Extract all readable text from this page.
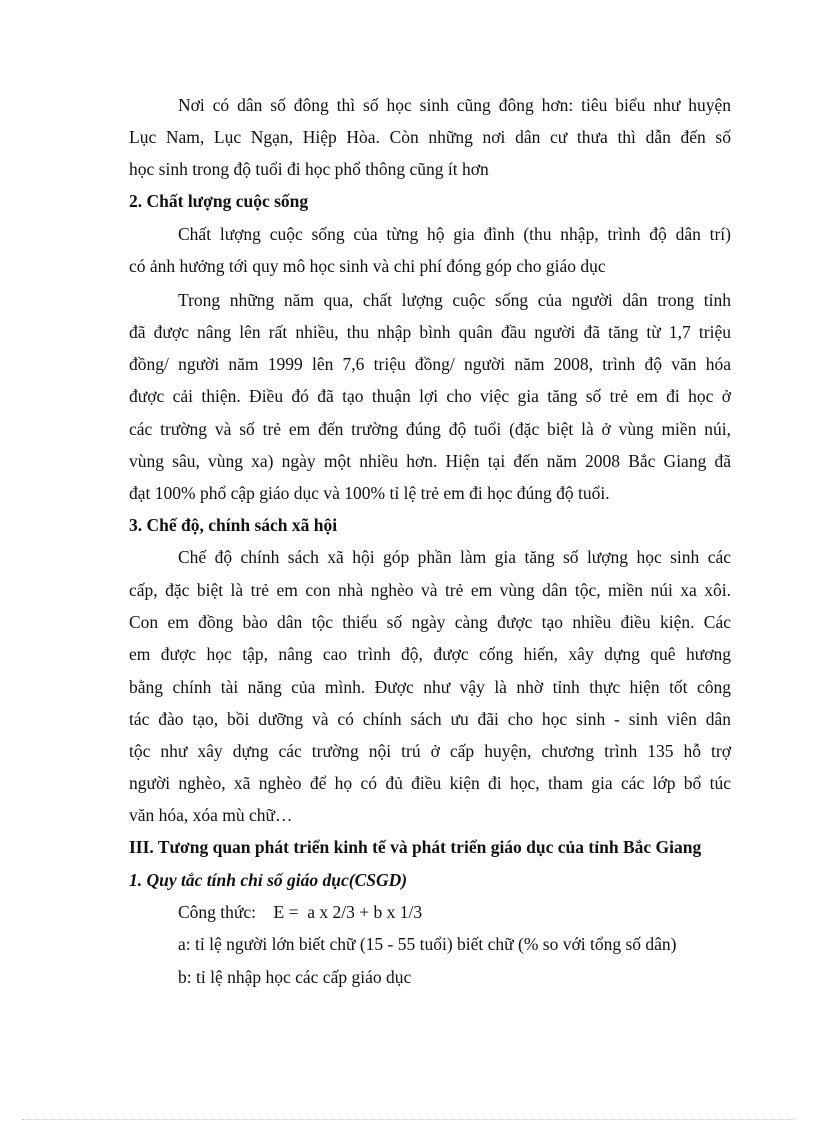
Nơi có dân số đông thì số học sinh cũng đông hơn: tiêu biểu như huyện
Lục Nam, Lục Ngạn, Hiệp Hòa. Còn những nơi dân cư thưa thì dẫn đến số
học sinh trong độ tuổi đi học phổ thông cũng ít hơn
2. Chất lượng cuộc sống
Chất lượng cuộc sống của từng hộ gia đình (thu nhập, trình độ dân trí)
có ảnh hưởng tới quy mô học sinh và chi phí đóng góp cho giáo dục
Trong những năm qua, chất lượng cuộc sống của người dân trong tỉnh
đã được nâng lên rất nhiều, thu nhập bình quân đầu người đã tăng từ 1,7 triệu
đồng/ người năm 1999 lên 7,6 triệu đồng/ người năm 2008, trình độ văn hóa
được cải thiện. Điều đó đã tạo thuận lợi cho việc gia tăng số trẻ em đi học ở
các trường và số trẻ em đến trường đúng độ tuổi (đặc biệt là ở vùng miền núi,
vùng sâu, vùng xa) ngày một nhiều hơn. Hiện tại đến năm 2008 Bắc Giang đã
đạt 100% phổ cập giáo dục và 100% tỉ lệ trẻ em đi học đúng độ tuổi.
3. Chế độ, chính sách xã hội
Chế độ chính sách xã hội góp phần làm gia tăng số lượng học sinh các
cấp, đặc biệt là trẻ em con nhà nghèo và trẻ em vùng dân tộc, miền núi xa xôi.
Con em đồng bào dân tộc thiểu số ngày càng được tạo nhiều điều kiện. Các
em được học tập, nâng cao trình độ, được cống hiến, xây dựng quê hương
bằng chính tài năng của mình. Được như vậy là nhờ tỉnh thực hiện tốt công
tác đào tạo, bồi dưỡng và có chính sách ưu đãi cho học sinh - sinh viên dân
tộc như xây dựng các trường nội trú ở cấp huyện, chương trình 135 hỗ trợ
người nghèo, xã nghèo để họ có đủ điều kiện đi học, tham gia các lớp bổ túc
văn hóa, xóa mù chữ…
III. Tương quan phát triển kinh tế và phát triển giáo dục của tỉnh Bắc Giang
1. Quy tắc tính chỉ số giáo dục(CSGD)
Công thức:    E =  a x 2/3 + b x 1/3
a: tỉ lệ người lớn biết chữ (15 - 55 tuổi) biết chữ (% so với tổng số dân)
b: tỉ lệ nhập học các cấp giáo dục
